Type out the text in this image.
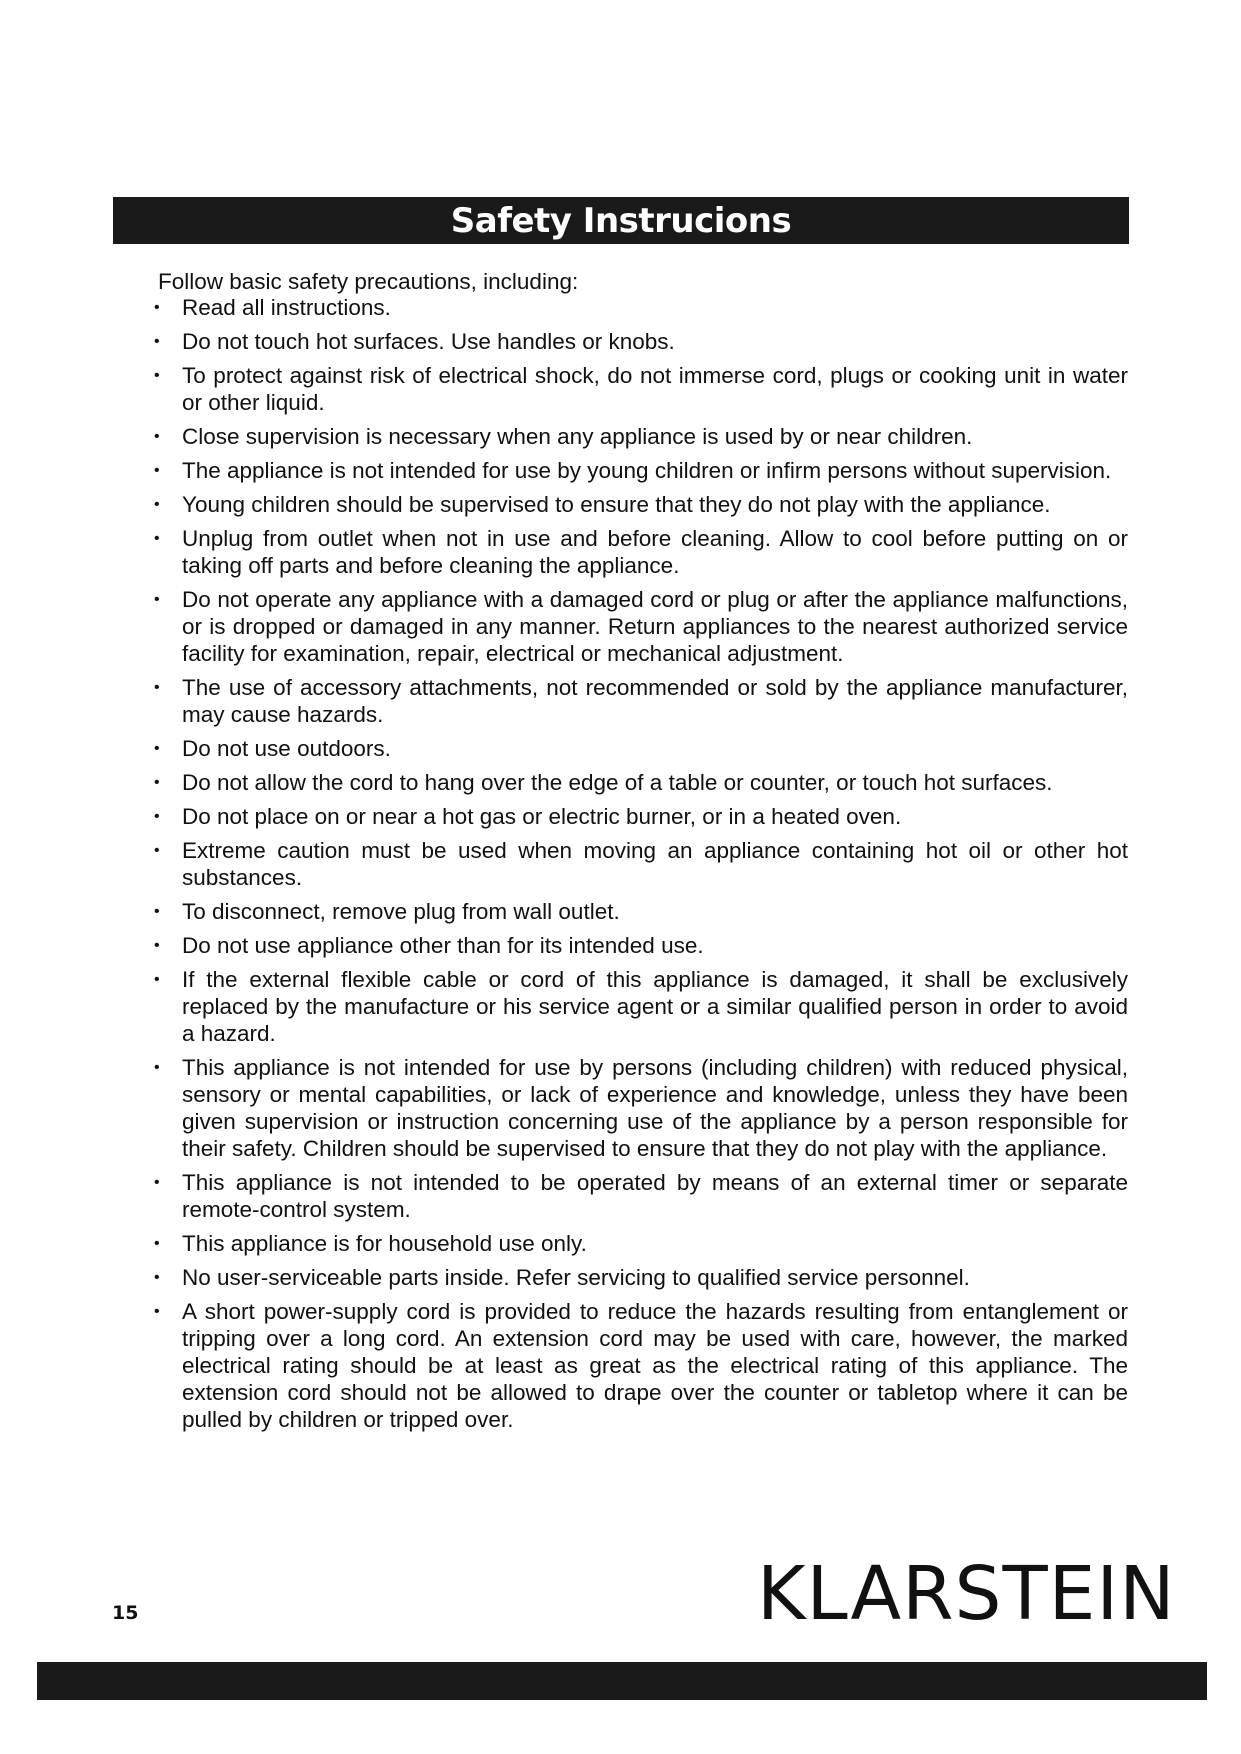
Safety Instrucions
Follow basic safety precautions, including:
• Read all instructions.
• Do not touch hot surfaces. Use handles or knobs.
• To protect against risk of electrical shock, do not immerse cord, plugs or cooking unit in water or other liquid.
• Close supervision is necessary when any appliance is used by or near children.
• The appliance is not intended for use by young children or infirm persons without supervision.
• Young children should be supervised to ensure that they do not play with the appliance.
• Unplug from outlet when not in use and before cleaning. Allow to cool before putting on or taking off parts and before cleaning the appliance.
• Do not operate any appliance with a damaged cord or plug or after the appliance malfunctions, or is dropped or damaged in any manner. Return appliances to the nearest authorized service facility for examination, repair, electrical or mechanical adjustment.
• The use of accessory attachments, not recommended or sold by the appliance manufacturer, may cause hazards.
• Do not use outdoors.
• Do not allow the cord to hang over the edge of a table or counter, or touch hot surfaces.
• Do not place on or near a hot gas or electric burner, or in a heated oven.
• Extreme caution must be used when moving an appliance containing hot oil or other hot substances.
• To disconnect, remove plug from wall outlet.
• Do not use appliance other than for its intended use.
• If the external flexible cable or cord of this appliance is damaged, it shall be exclusively replaced by the manufacture or his service agent or a similar qualified person in order to avoid a hazard.
• This appliance is not intended for use by persons (including children) with reduced physical, sensory or mental capabilities, or lack of experience and knowledge, unless they have been given supervision or instruction concerning use of the appliance by a person responsible for their safety. Children should be supervised to ensure that they do not play with the appliance.
• This appliance is not intended to be operated by means of an external timer or separate remote-control system.
• This appliance is for household use only.
• No user-serviceable parts inside. Refer servicing to qualified service personnel.
• A short power-supply cord is provided to reduce the hazards resulting from entanglement or tripping over a long cord. An extension cord may be used with care, however, the marked electrical rating should be at least as great as the electrical rating of this appliance. The extension cord should not be allowed to drape over the counter or tabletop where it can be pulled by children or tripped over.
15	KLARSTEIN
